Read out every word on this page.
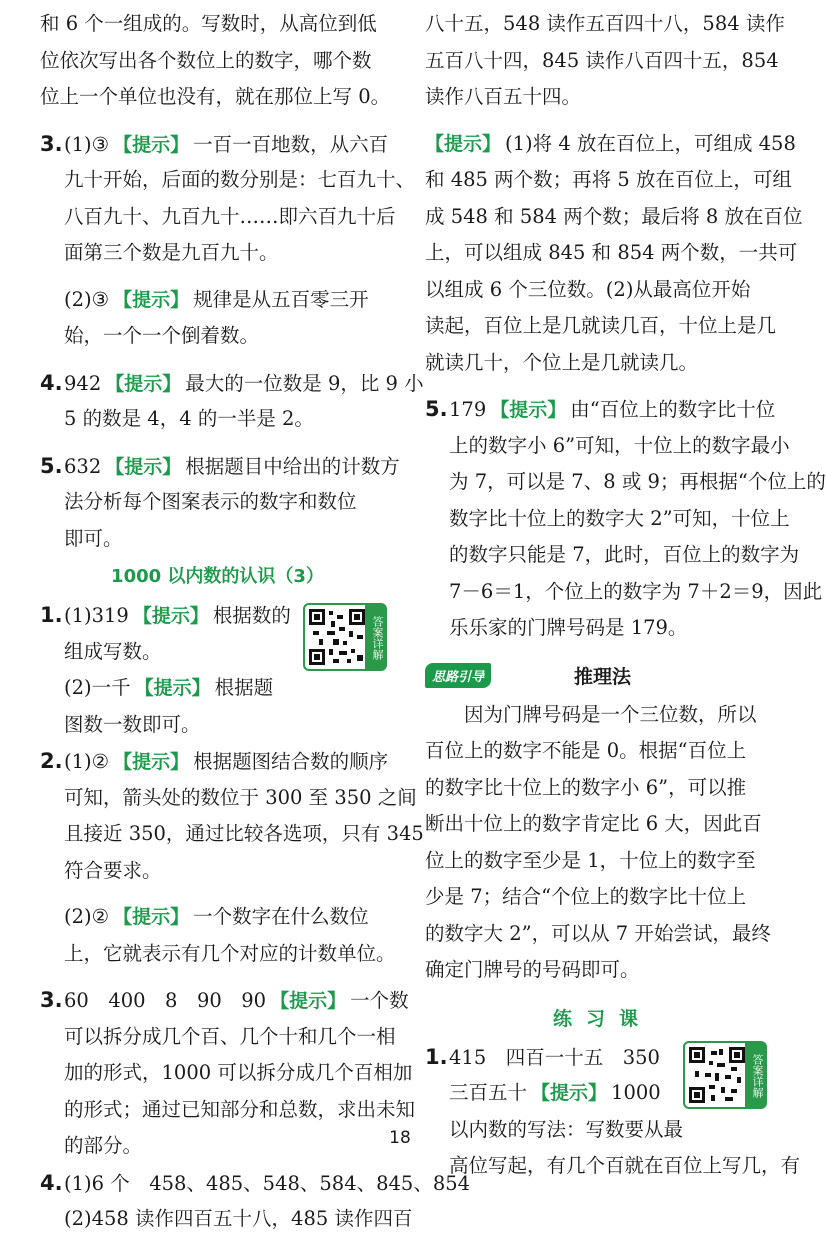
和 6 个一组成的。写数时，从高位到低
位依次写出各个数位上的数字，哪个数
位上一个单位也没有，就在那位上写 0。
3.(1)③ 【提示】 一百一百地数，从六百
九十开始，后面的数分别是：七百九十、
八百九十、九百九十……即六百九十后
面第三个数是九百九十。
(2)③ 【提示】 规律是从五百零三开
始，一个一个倒着数。
4.942 【提示】 最大的一位数是 9，比 9 小
5 的数是 4，4 的一半是 2。
5.632 【提示】 根据题目中给出的计数方
法分析每个图案表示的数字和数位
即可。
1000 以内数的认识（3）
答案详解
1.(1)319 【提示】 根据数的
组成写数。
(2)一千 【提示】 根据题
图数一数即可。
2.(1)② 【提示】 根据题图结合数的顺序
可知，箭头处的数位于 300 至 350 之间
且接近 350，通过比较各选项，只有 345
符合要求。
(2)② 【提示】 一个数字在什么数位
上，它就表示有几个对应的计数单位。
3.60　400　8　90　90 【提示】 一个数
可以拆分成几个百、几个十和几个一相
加的形式，1000 可以拆分成几个百相加
的形式；通过已知部分和总数，求出未知
的部分。
4.(1)6 个　458、485、548、584、845、854
(2)458 读作四百五十八，485 读作四百
八十五，548 读作五百四十八，584 读作
五百八十四，845 读作八百四十五，854
读作八百五十四。
【提示】 (1)将 4 放在百位上，可组成 458
和 485 两个数；再将 5 放在百位上，可组
成 548 和 584 两个数；最后将 8 放在百位
上，可以组成 845 和 854 两个数，一共可
以组成 6 个三位数。(2)从最高位开始
读起，百位上是几就读几百，十位上是几
就读几十，个位上是几就读几。
5.179 【提示】 由“百位上的数字比十位
上的数字小 6”可知，十位上的数字最小
为 7，可以是 7、8 或 9；再根据“个位上的
数字比十位上的数字大 2”可知，十位上
的数字只能是 7，此时，百位上的数字为
7－6＝1，个位上的数字为 7＋2＝9，因此
乐乐家的门牌号码是 179。
思路引导	推理法
　　因为门牌号码是一个三位数，所以
百位上的数字不能是 0。根据“百位上
的数字比十位上的数字小 6”，可以推
断出十位上的数字肯定比 6 大，因此百
位上的数字至少是 1，十位上的数字至
少是 7；结合“个位上的数字比十位上
的数字大 2”，可以从 7 开始尝试，最终
确定门牌号的号码即可。
练习课
答案详解
1.415　四百一十五　350
三百五十 【提示】 1000
以内数的写法：写数要从最
高位写起，有几个百就在百位上写几，有
18
